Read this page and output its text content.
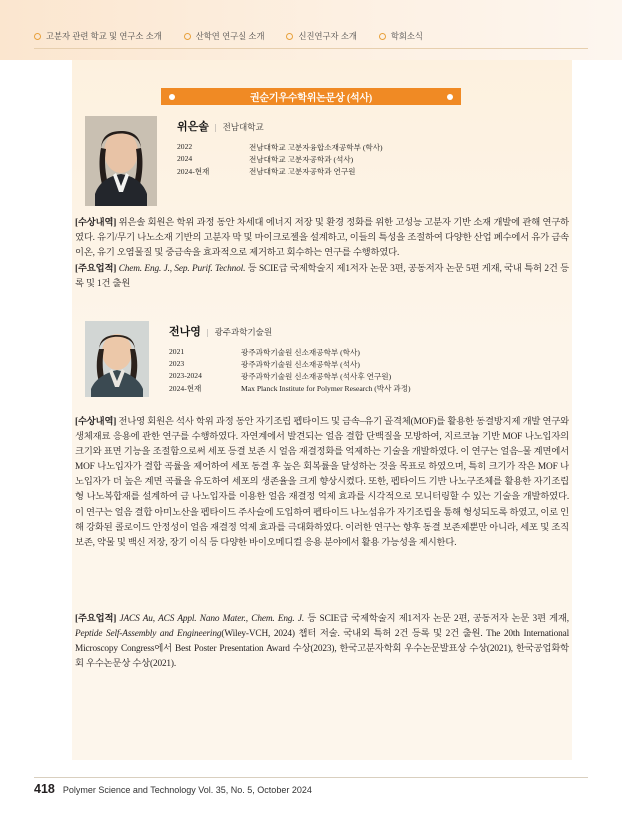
고분자 관련 학교 및 연구소 소개	산학연 연구실 소개	신진연구자 소개	학회소식
권순기우수학위논문상 (석사)
위은솔 | 전남대학교
2022	전남대학교 고분자융합소재공학부 (학사)
2024	전남대학교 고분자공학과 (석사)
2024-현재	전남대학교 고분자공학과 연구원
[수상내역] 위은솔 회원은 학위 과정 동안 차세대 에너지 저장 및 환경 정화를 위한 고성능 고분자 기반 소재 개발에 관해 연구하였다. 유기/무기 나노소재 기반의 고분자 막 및 마이크로젤을 설계하고, 이들의 특성을 조절하여 다양한 산업 폐수에서 유가 금속 이온, 유기 오염물질 및 중금속을 효과적으로 제거하고 회수하는 연구를 수행하였다.
[주요업적] Chem. Eng. J., Sep. Purif. Technol. 등 SCIE급 국제학술지 제1저자 논문 3편, 공동저자 논문 5편 게재, 국내 특허 2건 등록 및 1건 출원
전나영 | 광주과학기술원
2021	광주과학기술원 신소재공학부 (학사)
2023	광주과학기술원 신소재공학부 (석사)
2023-2024	광주과학기술원 신소재공학부 (석사후 연구원)
2024-현재	Max Planck Institute for Polymer Research (박사 과정)
[수상내역] 전나영 회원은 석사 학위 과정 동안 자기조립 펩타이드 및 금속–유기 골격체(MOF)를 활용한 동결방지제 개발 연구와 생체재료 응용에 관한 연구를 수행하였다. 자연계에서 발견되는 얼음 결합 단백질을 모방하여, 지르코늄 기반 MOF 나노입자의 크기와 표면 기능을 조절함으로써 세포 등결 보존 시 얼음 재결정화를 억제하는 기술을 개발하였다. 이 연구는 얼음–물 계면에서 MOF 나노입자가 결합 곡률을 제어하여 세포 동결 후 높은 회복률을 달성하는 것을 목표로 하였으며, 특히 크기가 작은 MOF 나노입자가 더 높은 계면 곡률을 유도하여 세포의 생존율을 크게 향상시켰다. 또한, 펩타이드 기반 나노구조체를 활용한 자기조립형 나노복합재를 설계하여 금 나노입자를 이용한 얼음 재결정 억제 효과를 시각적으로 모니터링할 수 있는 기술을 개발하였다. 이 연구는 얼음 결합 아미노산을 펩타이드 주사슬에 도입하여 펩타이드 나노섬유가 자기조립을 통해 형성되도록 하였고, 이로 인해 강화된 콜로이드 안정성이 얼음 재결정 억제 효과를 극대화하였다. 이러한 연구는 향후 동결 보존제뿐만 아니라, 세포 및 조직 보존, 약물 및 백신 저장, 장기 이식 등 다양한 바이오메디컬 응용 분야에서 활용 가능성을 제시한다.
[주요업적] JACS Au, ACS Appl. Nano Mater., Chem. Eng. J. 등 SCIE급 국제학술지 제1저자 논문 2편, 공동저자 논문 3편 게재, Peptide Self-Assembly and Engineering(Wiley-VCH, 2024) 챕터 저술. 국내외 특허 2건 등록 및 2건 출원. The 20th International Microscopy Congress에서 Best Poster Presentation Award 수상(2023), 한국고분자학회 우수논문발표상 수상(2021), 한국공업화학회 우수논문상 수상(2021).
418 Polymer Science and Technology Vol. 35, No. 5, October 2024
